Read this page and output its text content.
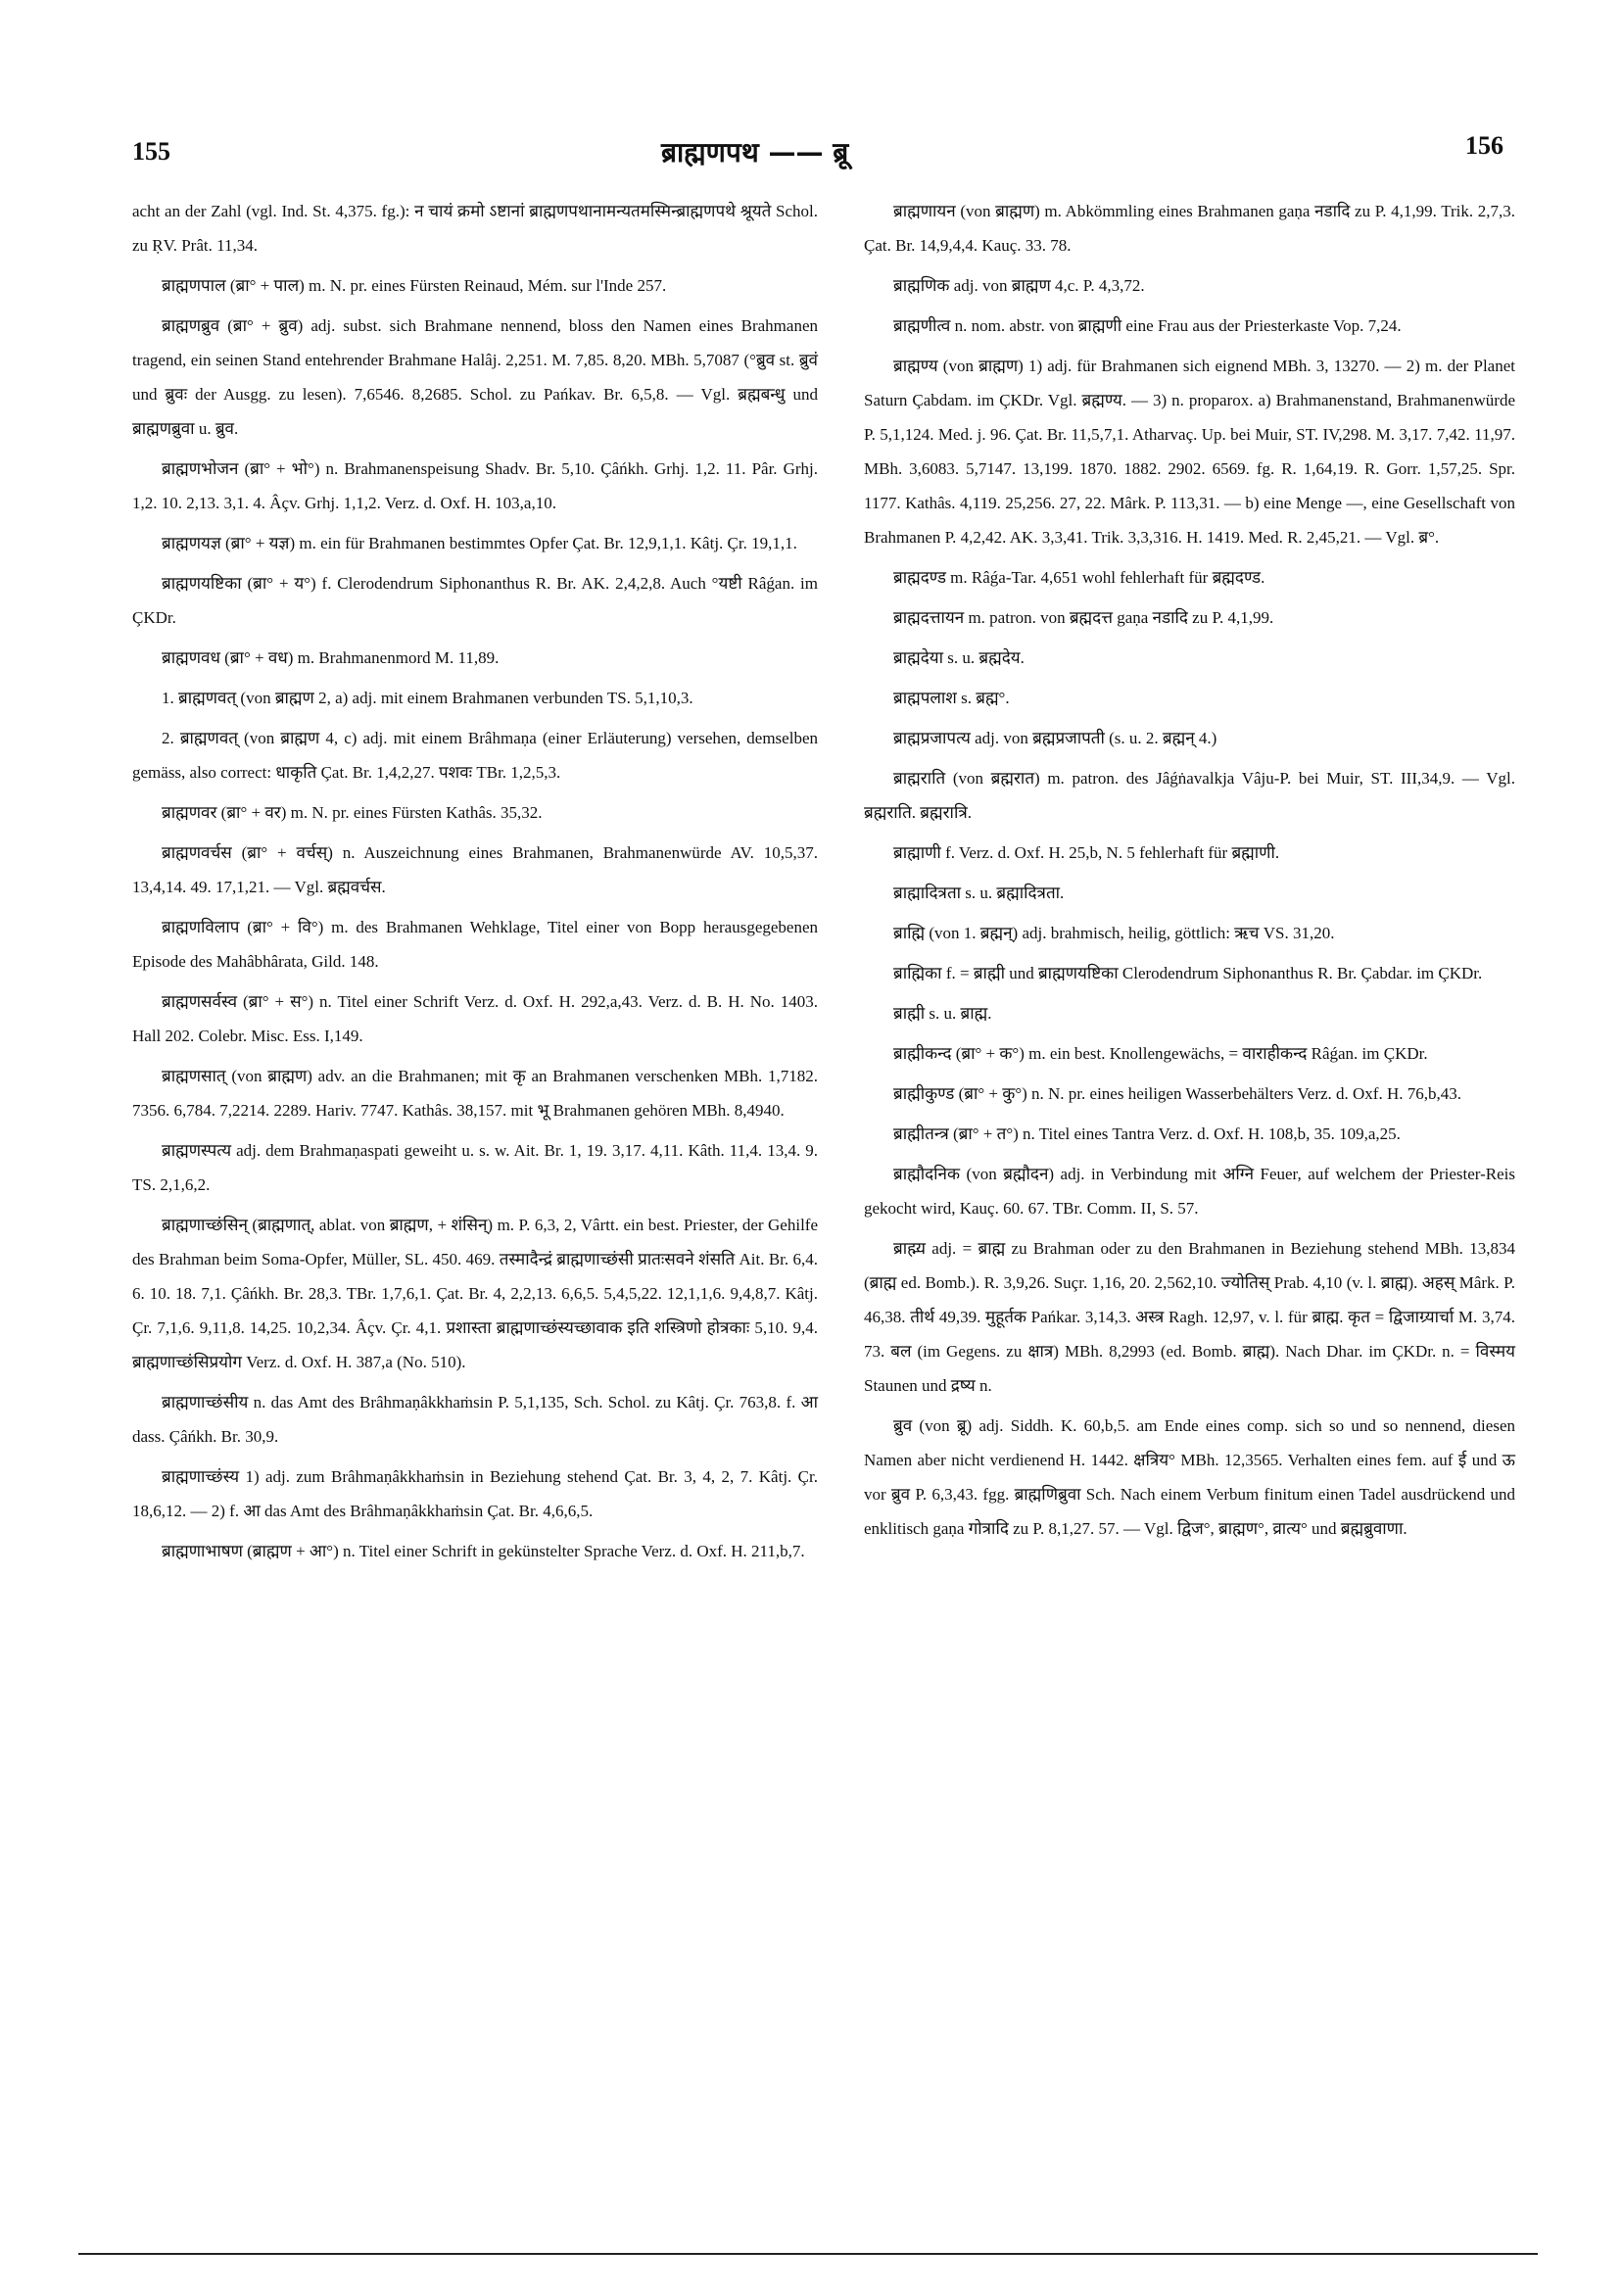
155	ब्राह्मणपथ —— ब्रू	156

acht an der Zahl (vgl. Ind. St. 4,375. fg.): न चायं क्रमो ऽष्टानां ब्राह्मणपथानामन्यतमस्मिन्ब्राह्मणपथे श्रूयते Schol. zu ṚV. Prât. 11,34.

ब्राह्मणपाल (ब्रा° + पाल) m. N. pr. eines Fürsten Reinaud, Mém. sur l'Inde 257.

ब्राह्मणब्रुव (ब्रा° + ब्रुव) adj. subst. sich Brahmane nennend, bloss den Namen eines Brahmanen tragend, ein seinen Stand entehrender Brahmane Halâj. 2,251. M. 7,85. 8,20. MBh. 5,7087 (°ब्रुव st. ब्रुवं und ब्रुवः der Ausgg. zu lesen). 7,6546. 8,2685. Schol. zu Pańkav. Br. 6,5,8. — Vgl. ब्रह्मबन्धु und ब्राह्मणब्रुवा u. ब्रुव.

ब्राह्मणभोजन (ब्रा° + भो°) n. Brahmanenspeisung Shadv. Br. 5,10. Çâńkh. Grhj. 1,2. 11. Pâr. Grhj. 1,2. 10. 2,13. 3,1. 4. Âçv. Grhj. 1,1,2. Verz. d. Oxf. H. 103,a,10.

ब्राह्मणयज्ञ (ब्रा° + यज्ञ) m. ein für Brahmanen bestimmtes Opfer Çat. Br. 12,9,1,1. Kâtj. Çr. 19,1,1.

ब्राह्मणयष्टिका (ब्रा° + य°) f. Clerodendrum Siphonanthus R. Br. AK. 2,4,2,8. Auch °यष्टी Râǵan. im ÇKDr.

ब्राह्मणवध (ब्रा° + वध) m. Brahmanenmord M. 11,89.

1. ब्राह्मणवत् (von ब्राह्मण 2, a) adj. mit einem Brahmanen verbunden TS. 5,1,10,3.

2. ब्राह्मणवत् (von ब्राह्मण 4, c) adj. mit einem Brâhmaṇa (einer Erläuterung) versehen, demselben gemäss, also correct: धाकृति Çat. Br. 1,4,2,27. पशवः TBr. 1,2,5,3.

ब्राह्मणवर (ब्रा° + वर) m. N. pr. eines Fürsten Kathâs. 35,32.

ब्राह्मणवर्चस (ब्रा° + वर्चस्) n. Auszeichnung eines Brahmanen, Brahmanenwürde AV. 10,5,37. 13,4,14. 49. 17,1,21. — Vgl. ब्रह्मवर्चस.

ब्राह्मणविलाप (ब्रा° + वि°) m. des Brahmanen Wehklage, Titel einer von Bopp herausgegebenen Episode des Mahâbhârata, Gild. 148.

ब्राह्मणसर्वस्व (ब्रा° + स°) n. Titel einer Schrift Verz. d. Oxf. H. 292,a,43. Verz. d. B. H. No. 1403. Hall 202. Colebr. Misc. Ess. I,149.

ब्राह्मणसात् (von ब्राह्मण) adv. an die Brahmanen; mit कृ an Brahmanen verschenken MBh. 1,7182. 7356. 6,784. 7,2214. 2289. Hariv. 7747. Kathâs. 38,157. mit भू Brahmanen gehören MBh. 8,4940.

ब्राह्मणस्पत्य adj. dem Brahmaṇaspati geweiht u. s. w. Ait. Br. 1, 19. 3,17. 4,11. Kâth. 11,4. 13,4. 9. TS. 2,1,6,2.

ब्राह्मणाच्छंसिन् (ब्राह्मणात्, ablat. von ब्राह्मण, + शंसिन्) m. P. 6,3, 2, Vârtt. ein best. Priester, der Gehilfe des Brahman beim Soma-Opfer, Müller, SL. 450. 469. तस्मादैन्द्रं ब्राह्मणाच्छंसी प्रातःसवने शंसति Ait. Br. 6,4. 6. 10. 18. 7,1. Çâńkh. Br. 28,3. TBr. 1,7,6,1. Çat. Br. 4, 2,2,13. 6,6,5. 5,4,5,22. 12,1,1,6. 9,4,8,7. Kâtj. Çr. 7,1,6. 9,11,8. 14,25. 10,2,34. Âçv. Çr. 4,1. प्रशास्ता ब्राह्मणाच्छंस्यच्छावाक इति शस्त्रिणो होत्रकाः 5,10. 9,4. ब्राह्मणाच्छंसिप्रयोग Verz. d. Oxf. H. 387,a (No. 510).

ब्राह्मणाच्छंसीय n. das Amt des Brâhmaṇâkkhaṁsin P. 5,1,135, Sch. Schol. zu Kâtj. Çr. 763,8. f. आ dass. Çâńkh. Br. 30,9.

ब्राह्मणाच्छंस्य 1) adj. zum Brâhmaṇâkkhaṁsin in Beziehung stehend Çat. Br. 3, 4, 2, 7. Kâtj. Çr. 18,6,12. — 2) f. आ das Amt des Brâhmaṇâkkhaṁsin Çat. Br. 4,6,6,5.

ब्राह्मणाभाषण (ब्राह्मण + आ°) n. Titel einer Schrift in gekünstelter Sprache Verz. d. Oxf. H. 211,b,7.

ब्राह्मणायन (von ब्राह्मण) m. Abkömmling eines Brahmanen gaṇa नडादि zu P. 4,1,99. Trik. 2,7,3. Çat. Br. 14,9,4,4. Kauç. 33. 78.

ब्राह्मणिक adj. von ब्राह्मण 4,c. P. 4,3,72.

ब्राह्मणीत्व n. nom. abstr. von ब्राह्मणी eine Frau aus der Priesterkaste Vop. 7,24.

ब्राह्मण्य (von ब्राह्मण) 1) adj. für Brahmanen sich eignend MBh. 3, 13270. — 2) m. der Planet Saturn Çabdam. im ÇKDr. Vgl. ब्रह्मण्य. — 3) n. proparox. a) Brahmanenstand, Brahmanenwürde P. 5,1,124. Med. j. 96. Çat. Br. 11,5,7,1. Atharvaç. Up. bei Muir, ST. IV,298. M. 3,17. 7,42. 11,97. MBh. 3,6083. 5,7147. 13,199. 1870. 1882. 2902. 6569. fg. R. 1,64,19. R. Gorr. 1,57,25. Spr. 1177. Kathâs. 4,119. 25,256. 27, 22. Mârk. P. 113,31. — b) eine Menge —, eine Gesellschaft von Brahmanen P. 4,2,42. AK. 3,3,41. Trik. 3,3,316. H. 1419. Med. R. 2,45,21. — Vgl. ब्र°.

ब्राह्मदण्ड m. Râǵa-Tar. 4,651 wohl fehlerhaft für ब्रह्मदण्ड.

ब्राह्मदत्तायन m. patron. von ब्रह्मदत्त gaṇa नडादि zu P. 4,1,99.

ब्राह्मदेया s. u. ब्रह्मदेय.

ब्राह्मपलाश s. ब्रह्म°.

ब्राह्मप्रजापत्य adj. von ब्रह्मप्रजापती (s. u. 2. ब्रह्मन् 4.)

ब्राह्मराति (von ब्रह्मरात) m. patron. des Jâǵṅavalkja Vâju-P. bei Muir, ST. III,34,9. — Vgl. ब्रह्मराति. ब्रह्मरात्रि.

ब्राह्माणी f. Verz. d. Oxf. H. 25,b, N. 5 fehlerhaft für ब्रह्माणी.

ब्राह्मादित्रता s. u. ब्रह्मादित्रता.

ब्राह्मि (von 1. ब्रह्मन्) adj. brahmisch, heilig, göttlich: ऋच VS. 31,20.

ब्राह्मिका f. = ब्राह्मी und ब्राह्मणयष्टिका Clerodendrum Siphonanthus R. Br. Çabdar. im ÇKDr.

ब्राह्मी s. u. ब्राह्म.

ब्राह्मीकन्द (ब्रा° + क°) m. ein best. Knollengewächs, = वाराहीकन्द Râǵan. im ÇKDr.

ब्राह्मीकुण्ड (ब्रा° + कु°) n. N. pr. eines heiligen Wasserbehälters Verz. d. Oxf. H. 76,b,43.

ब्राह्मीतन्त्र (ब्रा° + त°) n. Titel eines Tantra Verz. d. Oxf. H. 108,b, 35. 109,a,25.

ब्राह्मौदनिक (von ब्रह्मौदन) adj. in Verbindung mit अग्नि Feuer, auf welchem der Priester-Reis gekocht wird, Kauç. 60. 67. TBr. Comm. II, S. 57.

ब्राह्म्य adj. = ब्राह्म zu Brahman oder zu den Brahmanen in Beziehung stehend MBh. 13,834 (ब्राह्म ed. Bomb.). R. 3,9,26. Suçr. 1,16, 20. 2,562,10. ज्योतिस् Prab. 4,10 (v. l. ब्राह्म). अहस् Mârk. P. 46,38. तीर्थ 49,39. मुहूर्तक Pańkar. 3,14,3. अस्त्र Ragh. 12,97, v. l. für ब्राह्म. कृत = द्विजाग्र्यार्चा M. 3,74. 73. बल (im Gegens. zu क्षात्र) MBh. 8,2993 (ed. Bomb. ब्राह्म). Nach Dhar. im ÇKDr. n. = विस्मय Staunen und द्रष्य n.

ब्रुव (von ब्रू) adj. Siddh. K. 60,b,5. am Ende eines comp. sich so und so nennend, diesen Namen aber nicht verdienend H. 1442. क्षत्रिय° MBh. 12,3565. Verhalten eines fem. auf ई und ऊ vor ब्रुव P. 6,3,43. fgg. ब्राह्मणिब्रुवा Sch. Nach einem Verbum finitum einen Tadel ausdrückend und enklitisch gaṇa गोत्रादि zu P. 8,1,27. 57. — Vgl. द्विज°, ब्राह्मण°, व्रात्य° und ब्रह्मब्रुवाणा.
